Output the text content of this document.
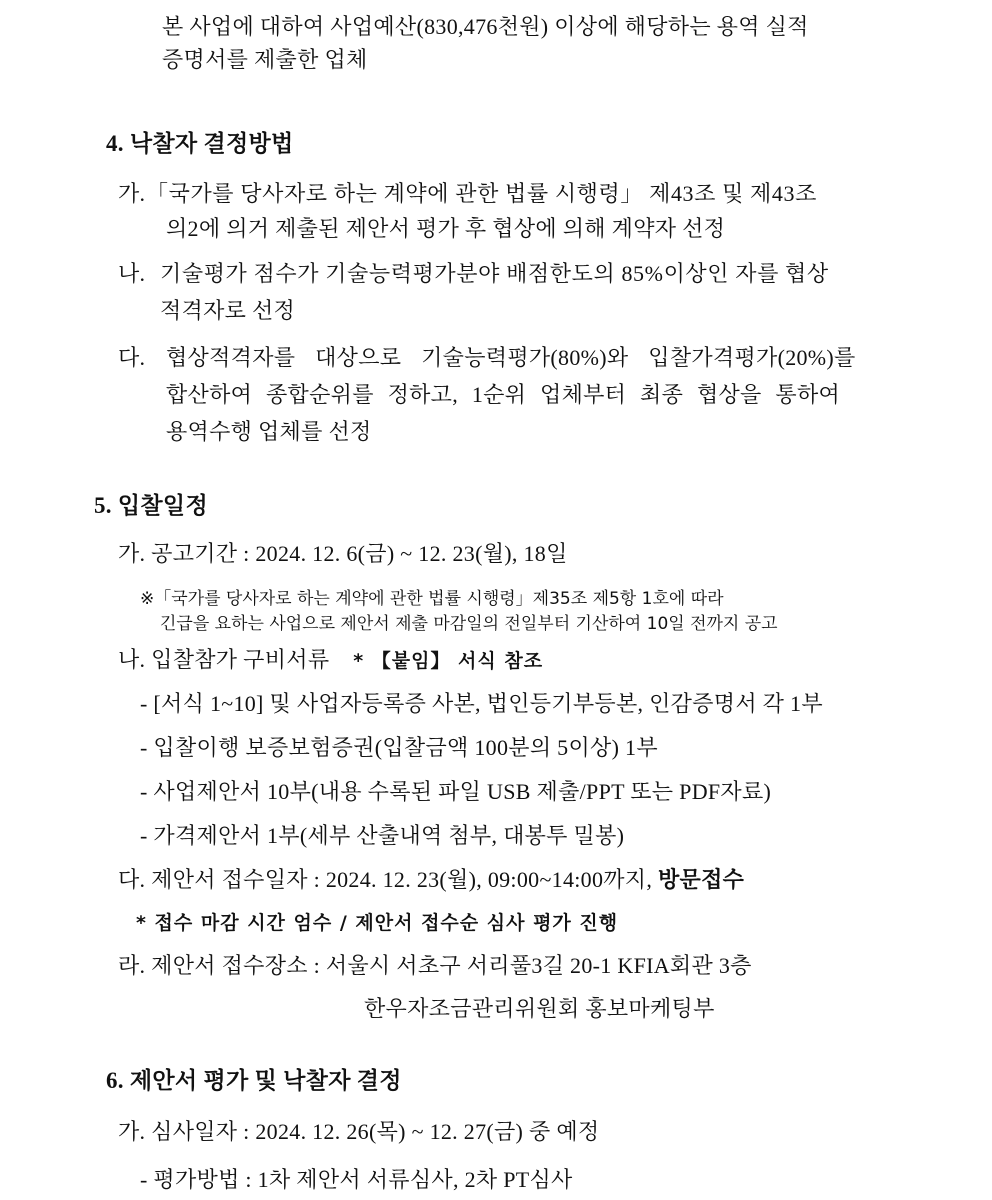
본 사업에 대하여 사업예산(830,476천원) 이상에 해당하는 용역 실적
증명서를 제출한 업체
4. 낙찰자 결정방법
가. 「국가를 당사자로 하는 계약에 관한 법률 시행령」 제43조 및 제43조
의2에 의거 제출된 제안서 평가 후 협상에 의해 계약자 선정
나. 기술평가 점수가 기술능력평가분야 배점한도의 85%이상인 자를 협상
적격자로 선정
다. 협상적격자를 대상으로 기술능력평가(80%)와 입찰가격평가(20%)를
합산하여 종합순위를 정하고, 1순위 업체부터 최종 협상을 통하여
용역수행 업체를 선정
5. 입찰일정
가. 공고기간 : 2024. 12. 6(금) ~ 12. 23(월), 18일
※「국가를 당사자로 하는 계약에 관한 법률 시행령」제35조 제5항 1호에 따라
긴급을 요하는 사업으로 제안서 제출 마감일의 전일부터 기산하여 10일 전까지 공고
나. 입찰참가 구비서류 * 【붙임】 서식 참조
- [서식 1~10] 및 사업자등록증 사본, 법인등기부등본, 인감증명서 각 1부
- 입찰이행 보증보험증권(입찰금액 100분의 5이상) 1부
- 사업제안서 10부(내용 수록된 파일 USB 제출/PPT 또는 PDF자료)
- 가격제안서 1부(세부 산출내역 첨부, 대봉투 밀봉)
다. 제안서 접수일자 : 2024. 12. 23(월), 09:00~14:00까지, 방문접수
* 접수 마감 시간 엄수 / 제안서 접수순 심사 평가 진행
라. 제안서 접수장소 : 서울시 서초구 서리풀3길 20-1 KFIA회관 3층
한우자조금관리위원회 홍보마케팅부
6. 제안서 평가 및 낙찰자 결정
가. 심사일자 : 2024. 12. 26(목) ~ 12. 27(금) 중 예정
- 평가방법 : 1차 제안서 서류심사, 2차 PT심사
